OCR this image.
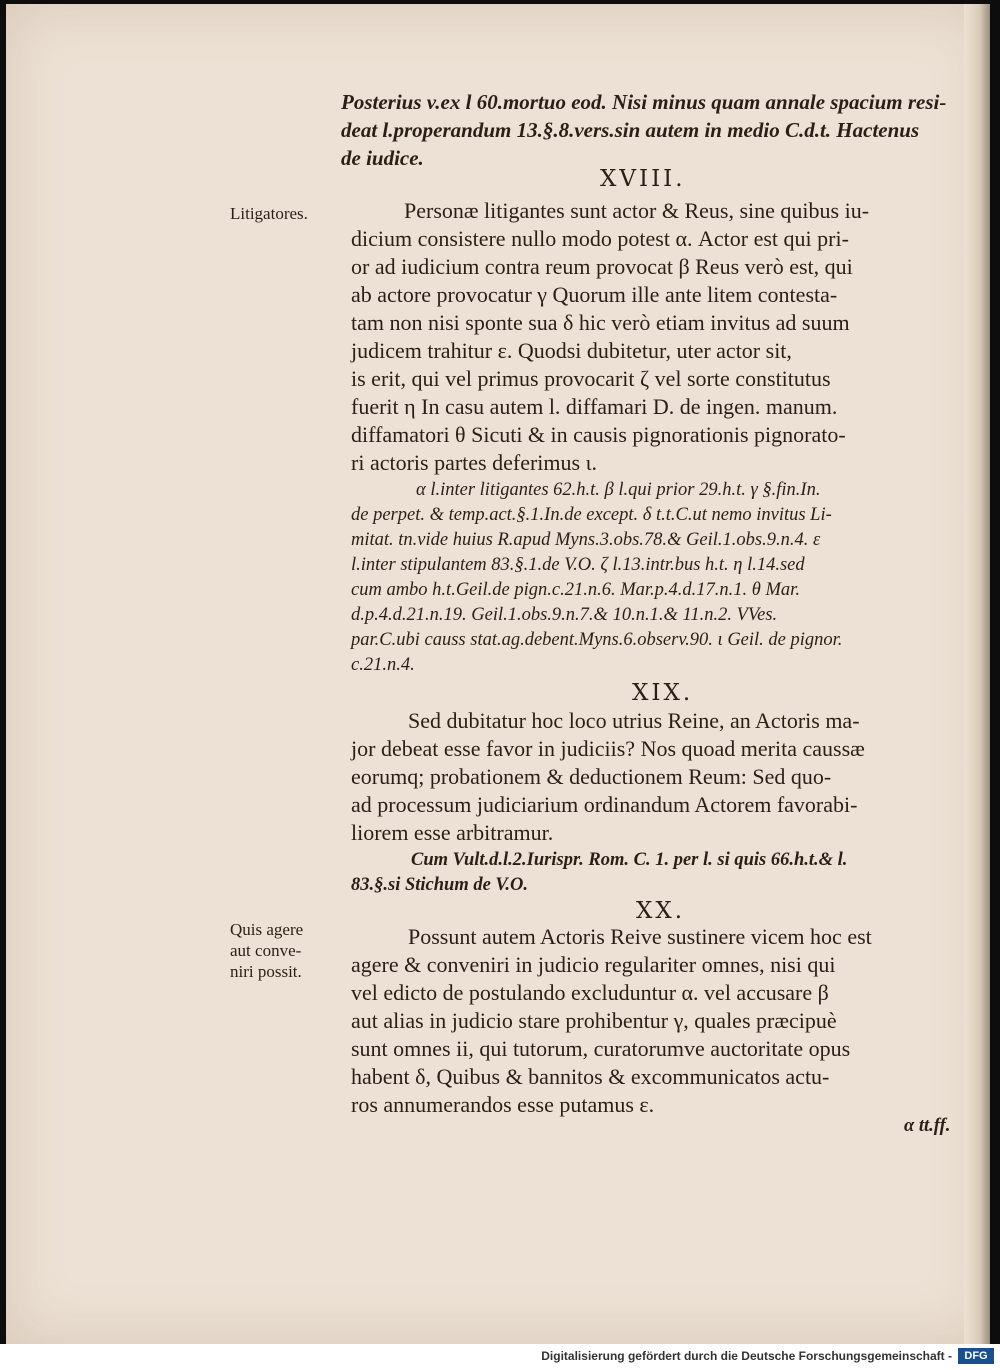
Posterius v.ex l 60.mortuo eod. Nisi minus quam annale spacium resi-
deat l.properandum 13.§.8.vers.sin autem in medio C.d.t. Hactenus
de iudice.
XVIII.
Litigatores.	Personæ litigantes sunt actor & Reus, sine quibus iu-
dicium consistere nullo modo potest α. Actor est qui pri-
or ad iudicium contra reum provocat β Reus verò est, qui
ab actore provocatur γ Quorum ille ante litem contesta-
tam non nisi sponte sua δ hic verò etiam invitus ad suum
judicem trahitur ε. Quodsi dubitetur, uter actor sit,
is erit, qui vel primus provocarit ζ vel sorte constitutus
fuerit η In casu autem l. diffamari D. de ingen. manum.
diffamatori θ Sicuti & in causis pignorationis pignorato-
ri actoris partes deferimus ι.
α l.inter litigantes 62.h.t. β l.qui prior 29.h.t. γ §.fin.In.
de perpet. & temp.act.§.1.In.de except. δ t.t.C.ut nemo invitus Li-
mitat. tn.vide huius R.apud Myns.3.obs.78.& Geil.1.obs.9.n.4. ε
l.inter stipulantem 83.§.1.de V.O. ζ l.13.intr.bus h.t. η l.14.sed
cum ambo h.t.Geil.de pign.c.21.n.6. Mar.p.4.d.17.n.1. θ Mar.
d.p.4.d.21.n.19. Geil.1.obs.9.n.7.& 10.n.1.& 11.n.2. VVes.
par.C.ubi causs stat.ag.debent.Myns.6.observ.90. ι Geil. de pignor.
c.21.n.4.
XIX.
Sed dubitatur hoc loco utrius Reine, an Actoris ma-
jor debeat esse favor in judiciis? Nos quoad merita caussæ
eorumq; probationem & deductionem Reum: Sed quo-
ad processum judiciarium ordinandum Actorem favorabi-
liorem esse arbitramur.
Cum Vult.d.l.2.Iurispr. Rom. C. 1. per l. si quis 66.h.t.& l.
83.§.si Stichum de V.O.
XX.
Quis agere
aut conve-
niri possit.
Possunt autem Actoris Reive sustinere vicem hoc est
agere & conveniri in judicio regulariter omnes, nisi qui
vel edicto de postulando excluduntur α. vel accusare β
aut alias in judicio stare prohibentur γ, quales præcipuè
sunt omnes ii, qui tutorum, curatorumve auctoritate opus
habent δ, Quibus & bannitos & excommunicatos actu-
ros annumerandos esse putamus ε.
α tt.ff.
Digitalisierung gefördert durch die Deutsche Forschungsgemeinschaft -	DFG
